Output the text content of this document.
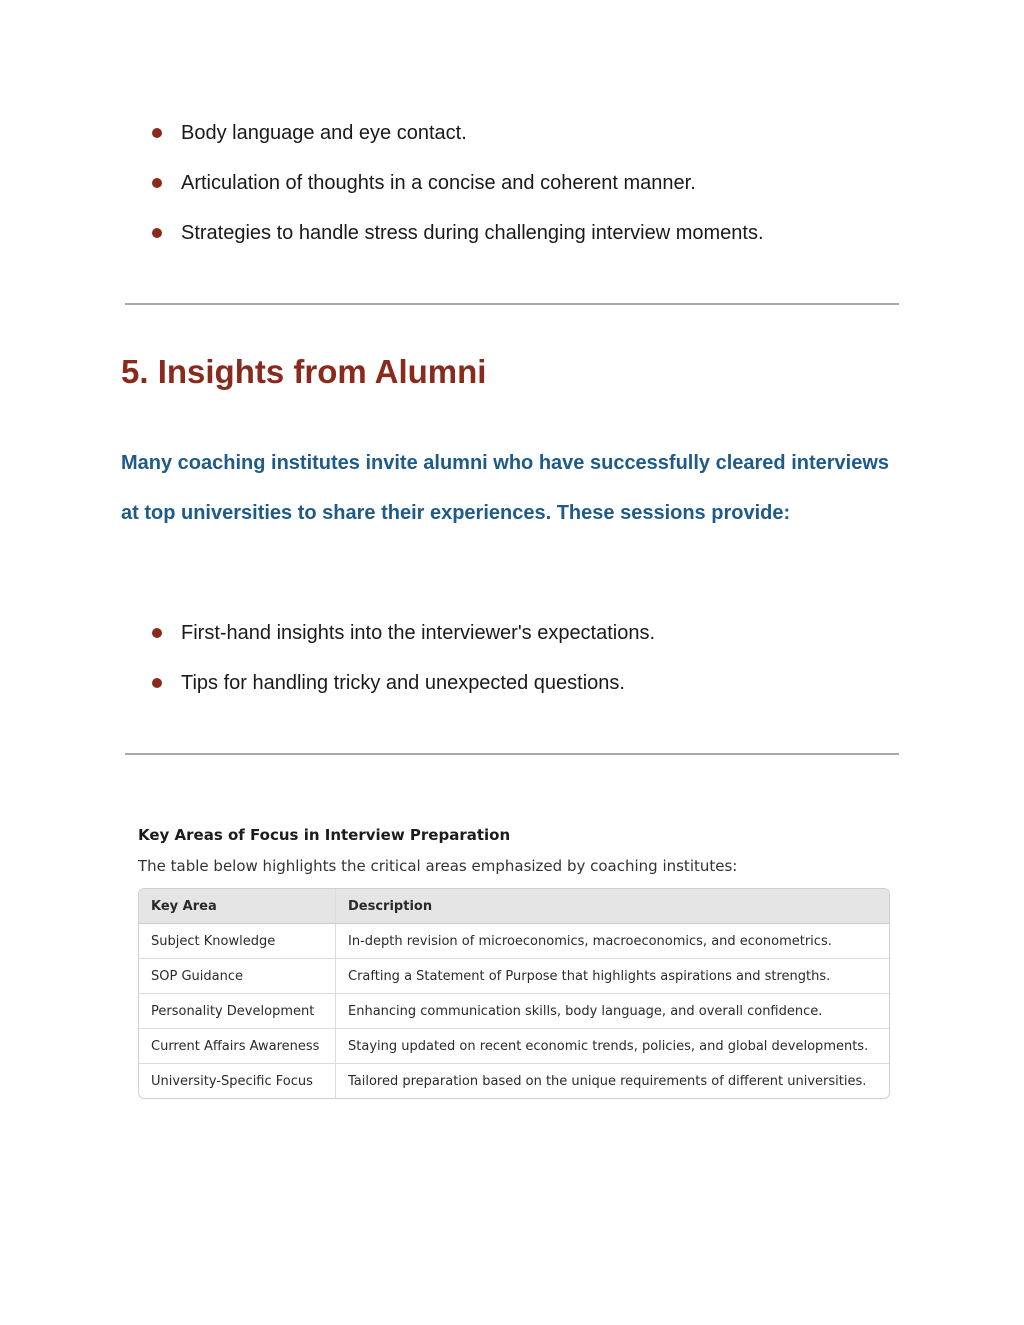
Body language and eye contact.
Articulation of thoughts in a concise and coherent manner.
Strategies to handle stress during challenging interview moments.
5. Insights from Alumni

Many coaching institutes invite alumni who have successfully cleared interviews at top universities to share their experiences. These sessions provide:

First-hand insights into the interviewer's expectations.
Tips for handling tricky and unexpected questions.
Key Areas of Focus in Interview Preparation

The table below highlights the critical areas emphasized by coaching institutes:

Key Area	Description
Subject Knowledge	In-depth revision of microeconomics, macroeconomics, and econometrics.
SOP Guidance	Crafting a Statement of Purpose that highlights aspirations and strengths.
Personality Development	Enhancing communication skills, body language, and overall confidence.
Current Affairs Awareness	Staying updated on recent economic trends, policies, and global developments.
University-Specific Focus	Tailored preparation based on the unique requirements of different universities.
